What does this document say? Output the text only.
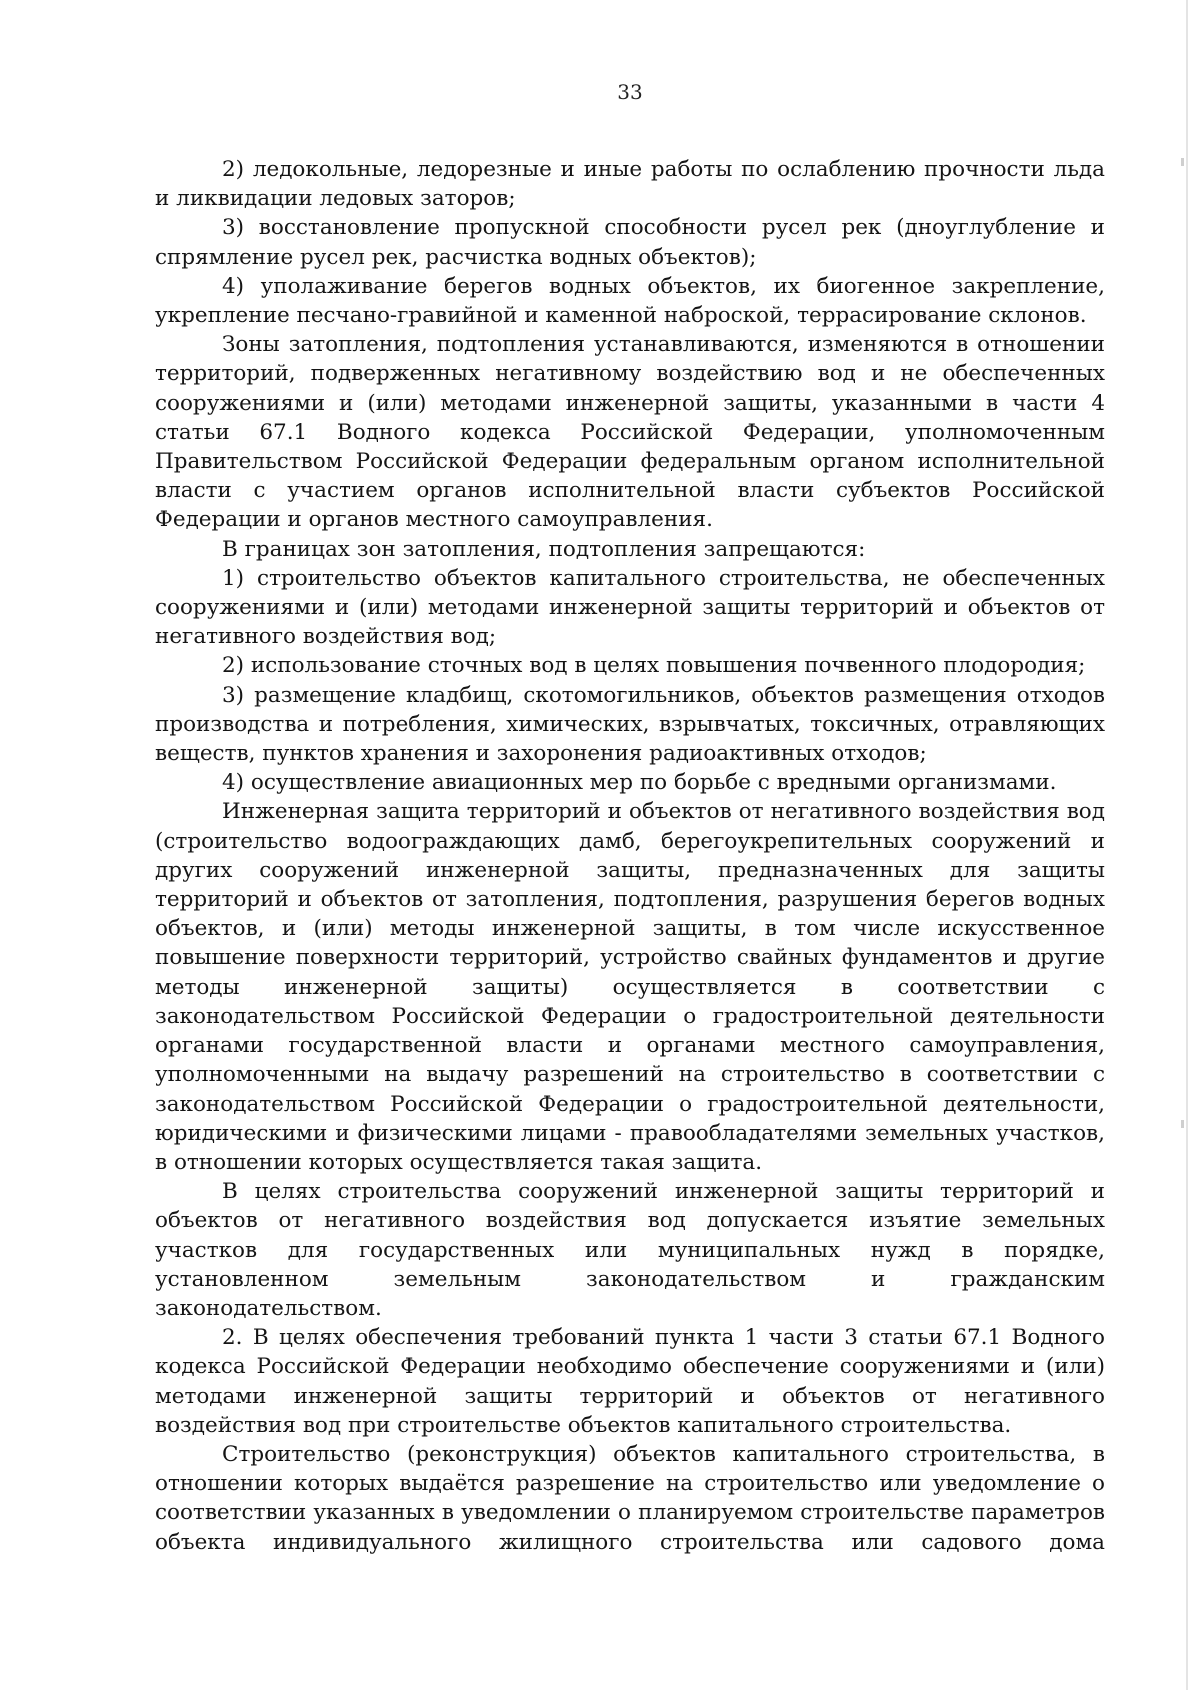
33

2) ледокольные, ледорезные и иные работы по ослаблению прочности льда и ликвидации ледовых заторов;

3) восстановление пропускной способности русел рек (дноуглубление и спрямление русел рек, расчистка водных объектов);

4) уполаживание берегов водных объектов, их биогенное закрепление, укрепление песчано-гравийной и каменной наброской, террасирование склонов.

Зоны затопления, подтопления устанавливаются, изменяются в отношении территорий, подверженных негативному воздействию вод и не обеспеченных сооружениями и (или) методами инженерной защиты, указанными в части 4 статьи 67.1 Водного кодекса Российской Федерации, уполномоченным Правительством Российской Федерации федеральным органом исполнительной власти с участием органов исполнительной власти субъектов Российской Федерации и органов местного самоуправления.

В границах зон затопления, подтопления запрещаются:

1) строительство объектов капитального строительства, не обеспеченных сооружениями и (или) методами инженерной защиты территорий и объектов от негативного воздействия вод;

2) использование сточных вод в целях повышения почвенного плодородия;

3) размещение кладбищ, скотомогильников, объектов размещения отходов производства и потребления, химических, взрывчатых, токсичных, отравляющих веществ, пунктов хранения и захоронения радиоактивных отходов;

4) осуществление авиационных мер по борьбе с вредными организмами.

Инженерная защита территорий и объектов от негативного воздействия вод (строительство водоограждающих дамб, берегоукрепительных сооружений и других сооружений инженерной защиты, предназначенных для защиты территорий и объектов от затопления, подтопления, разрушения берегов водных объектов, и (или) методы инженерной защиты, в том числе искусственное повышение поверхности территорий, устройство свайных фундаментов и другие методы инженерной защиты) осуществляется в соответствии с законодательством Российской Федерации о градостроительной деятельности органами государственной власти и органами местного самоуправления, уполномоченными на выдачу разрешений на строительство в соответствии с законодательством Российской Федерации о градостроительной деятельности, юридическими и физическими лицами - правообладателями земельных участков, в отношении которых осуществляется такая защита.

В целях строительства сооружений инженерной защиты территорий и объектов от негативного воздействия вод допускается изъятие земельных участков для государственных или муниципальных нужд в порядке, установленном земельным законодательством и гражданским законодательством.

2. В целях обеспечения требований пункта 1 части 3 статьи 67.1 Водного кодекса Российской Федерации необходимо обеспечение сооружениями и (или) методами инженерной защиты территорий и объектов от негативного воздействия вод при строительстве объектов капитального строительства.

Строительство (реконструкция) объектов капитального строительства, в отношении которых выдаётся разрешение на строительство или уведомление о соответствии указанных в уведомлении о планируемом строительстве параметров объекта индивидуального жилищного строительства или садового дома
